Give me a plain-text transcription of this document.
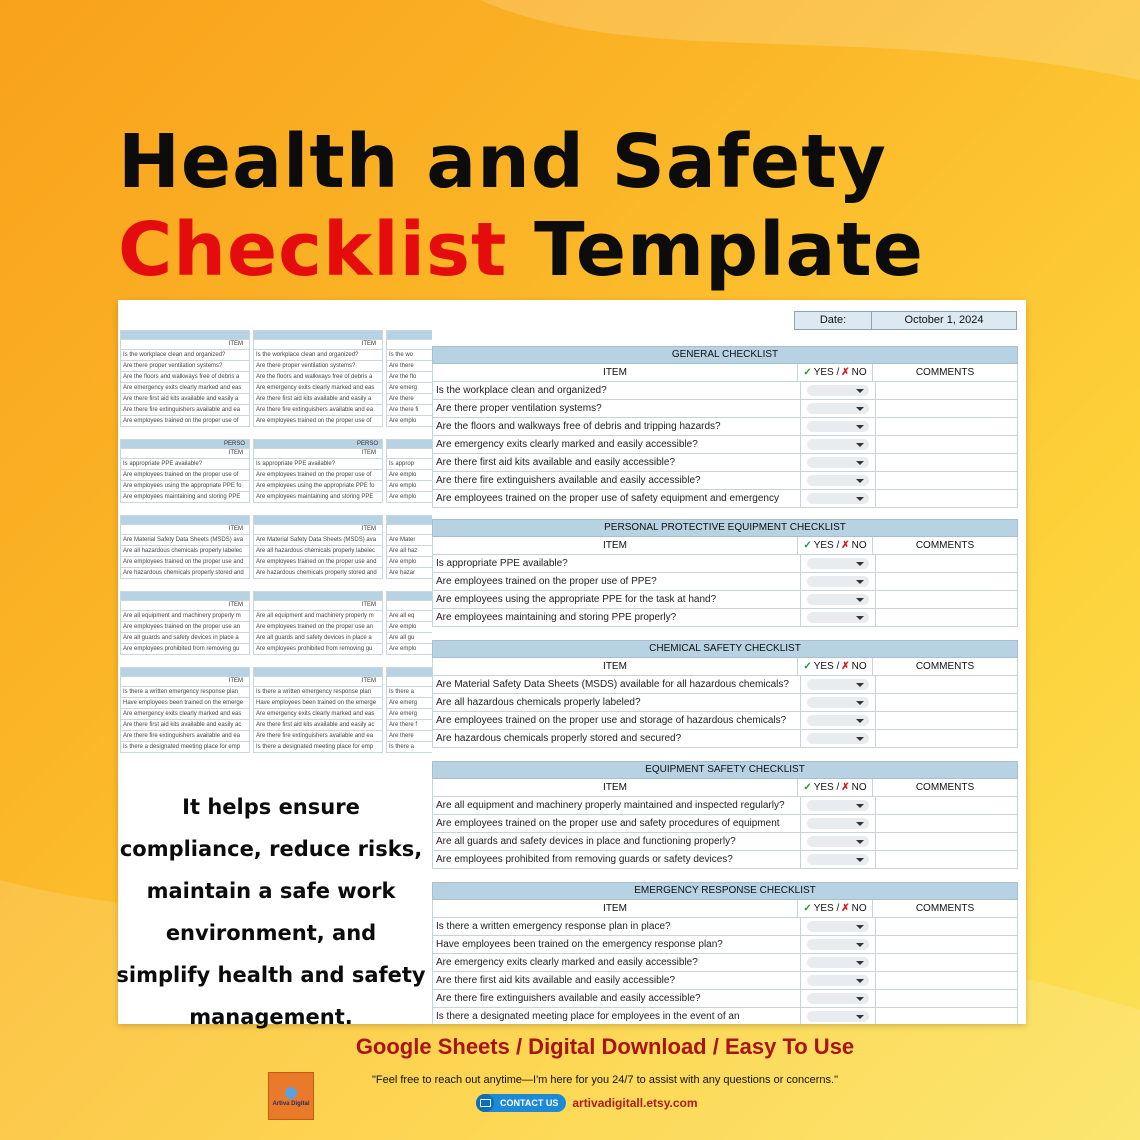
Health and Safety
Checklist Template
ITEM
Is the workplace clean and organized?
Are there proper ventilation systems?
Are the floors and walkways free of debris a
Are emergency exits clearly marked and eas
Are there first aid kits available and easily a
Are there fire extinguishers available and ea
Are employees trained on the proper use of
PERSO
ITEM
Is appropriate PPE available?
Are employees trained on the proper use of
Are employees using the appropriate PPE fo
Are employees maintaining and storing PPE
ITEM
Are Material Safety Data Sheets (MSDS) ava
Are all hazardous chemicals properly labelec
Are employees trained on the proper use and
Are hazardous chemicals properly stored and
ITEM
Are all equipment and machinery properly m
Are employees trained on the proper use an
Are all guards and safety devices in place a
Are employees prohibited from removing gu
ITEM
Is there a written emergency response plan
Have employees been trained on the emerge
Are emergency exits clearly marked and eas
Are there first aid kits available and easily ac
Are there fire extinguishers available and ea
Is there a designated meeting place for emp
ITEM
Is the workplace clean and organized?
Are there proper ventilation systems?
Are the floors and walkways free of debris a
Are emergency exits clearly marked and eas
Are there first aid kits available and easily a
Are there fire extinguishers available and ea
Are employees trained on the proper use of
PERSO
ITEM
Is appropriate PPE available?
Are employees trained on the proper use of
Are employees using the appropriate PPE fo
Are employees maintaining and storing PPE
ITEM
Are Material Safety Data Sheets (MSDS) ava
Are all hazardous chemicals properly labelec
Are employees trained on the proper use and
Are hazardous chemicals properly stored and
ITEM
Are all equipment and machinery properly m
Are employees trained on the proper use an
Are all guards and safety devices in place a
Are employees prohibited from removing gu
ITEM
Is there a written emergency response plan
Have employees been trained on the emerge
Are emergency exits clearly marked and eas
Are there first aid kits available and easily ac
Are there fire extinguishers available and ea
Is there a designated meeting place for emp
Is the wo
Are there
Are the flo
Are emerg
Are there
Are there fi
Are emplo
Is approp
Are emplo
Are emplo
Are emplo
Are Mater
Are all haz
Are emplo
Are hazar
Are all eq
Are emplo
Are all gu
Are emplo
Is there a
Are emerg
Are emerg
Are there f
Are there
Is there a
Date:	October 1, 2024
GENERAL CHECKLIST
ITEM	✓ YES / ✗ NO	COMMENTS
Is the workplace clean and organized?
Are there proper ventilation systems?
Are the floors and walkways free of debris and tripping hazards?
Are emergency exits clearly marked and easily accessible?
Are there first aid kits available and easily accessible?
Are there fire extinguishers available and easily accessible?
Are employees trained on the proper use of safety equipment and emergency
PERSONAL PROTECTIVE EQUIPMENT CHECKLIST
ITEM	✓ YES / ✗ NO	COMMENTS
Is appropriate PPE available?
Are employees trained on the proper use of PPE?
Are employees using the appropriate PPE for the task at hand?
Are employees maintaining and storing PPE properly?
CHEMICAL SAFETY CHECKLIST
ITEM	✓ YES / ✗ NO	COMMENTS
Are Material Safety Data Sheets (MSDS) available for all hazardous chemicals?
Are all hazardous chemicals properly labeled?
Are employees trained on the proper use and storage of hazardous chemicals?
Are hazardous chemicals properly stored and secured?
EQUIPMENT SAFETY CHECKLIST
ITEM	✓ YES / ✗ NO	COMMENTS
Are all equipment and machinery properly maintained and inspected regularly?
Are employees trained on the proper use and safety procedures of equipment
Are all guards and safety devices in place and functioning properly?
Are employees prohibited from removing guards or safety devices?
EMERGENCY RESPONSE CHECKLIST
ITEM	✓ YES / ✗ NO	COMMENTS
Is there a written emergency response plan in place?
Have employees been trained on the emergency response plan?
Are emergency exits clearly marked and easily accessible?
Are there first aid kits available and easily accessible?
Are there fire extinguishers available and easily accessible?
Is there a designated meeting place for employees in the event of an

It helps ensure compliance, reduce risks, maintain a safe work environment, and simplify health and safety management.

Google Sheets / Digital Download / Easy To Use
Artiva Digital
"Feel free to reach out anytime—I'm here for you 24/7 to assist with any questions or concerns."
CONTACT US artivadigitall.etsy.com
